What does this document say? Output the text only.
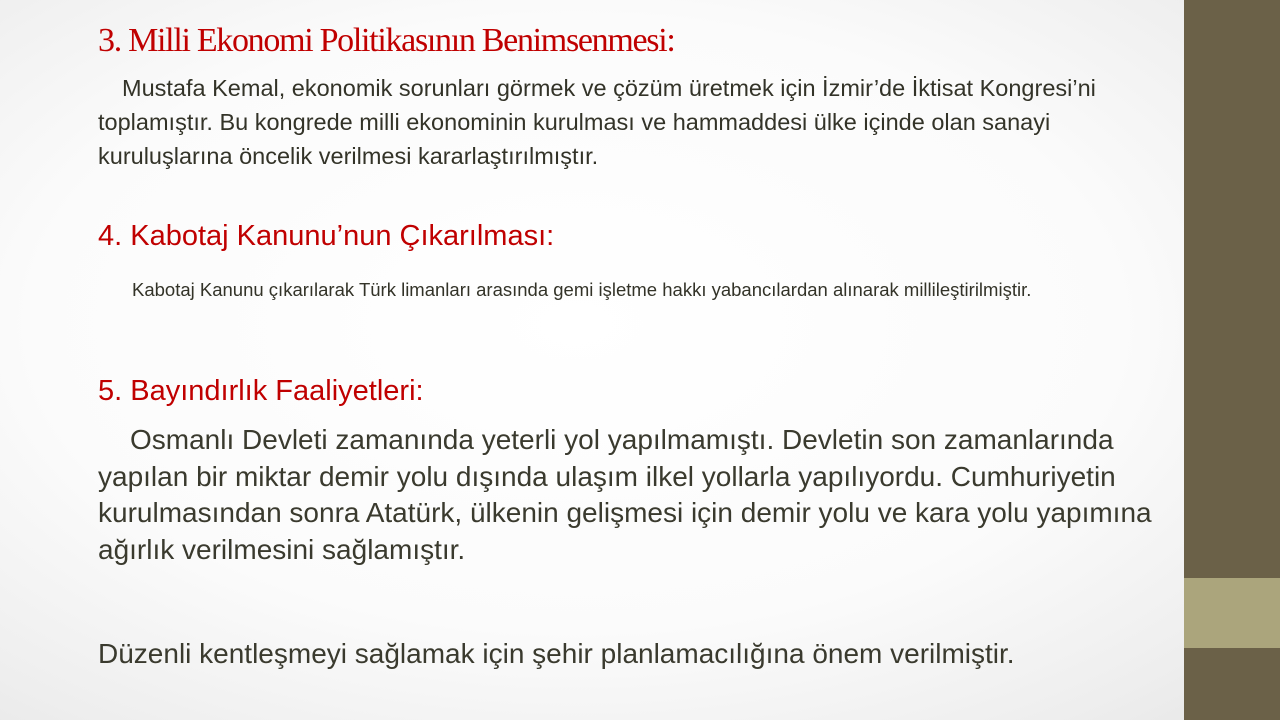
3. Milli Ekonomi Politikasının Benimsenmesi:

Mustafa Kemal, ekonomik sorunları görmek ve çözüm üretmek için İzmir’de İktisat Kongresi’ni toplamıştır. Bu kongrede milli ekonominin kurulması ve hammaddesi ülke içinde olan sanayi kuruluşlarına öncelik verilmesi kararlaştırılmıştır.

4. Kabotaj Kanunu’nun Çıkarılması:

Kabotaj Kanunu çıkarılarak Türk limanları arasında gemi işletme hakkı yabancılardan alınarak millileştirilmiştir.

5. Bayındırlık Faaliyetleri:

Osmanlı Devleti zamanında yeterli yol yapılmamıştı. Devletin son zamanlarında yapılan bir miktar demir yolu dışında ulaşım ilkel yollarla yapılıyordu. Cumhuriyetin kurulmasından sonra Atatürk, ülkenin gelişmesi için demir yolu ve kara yolu yapımına ağırlık verilmesini sağlamıştır.

Düzenli kentleşmeyi sağlamak için şehir planlamacılığına önem verilmiştir.
